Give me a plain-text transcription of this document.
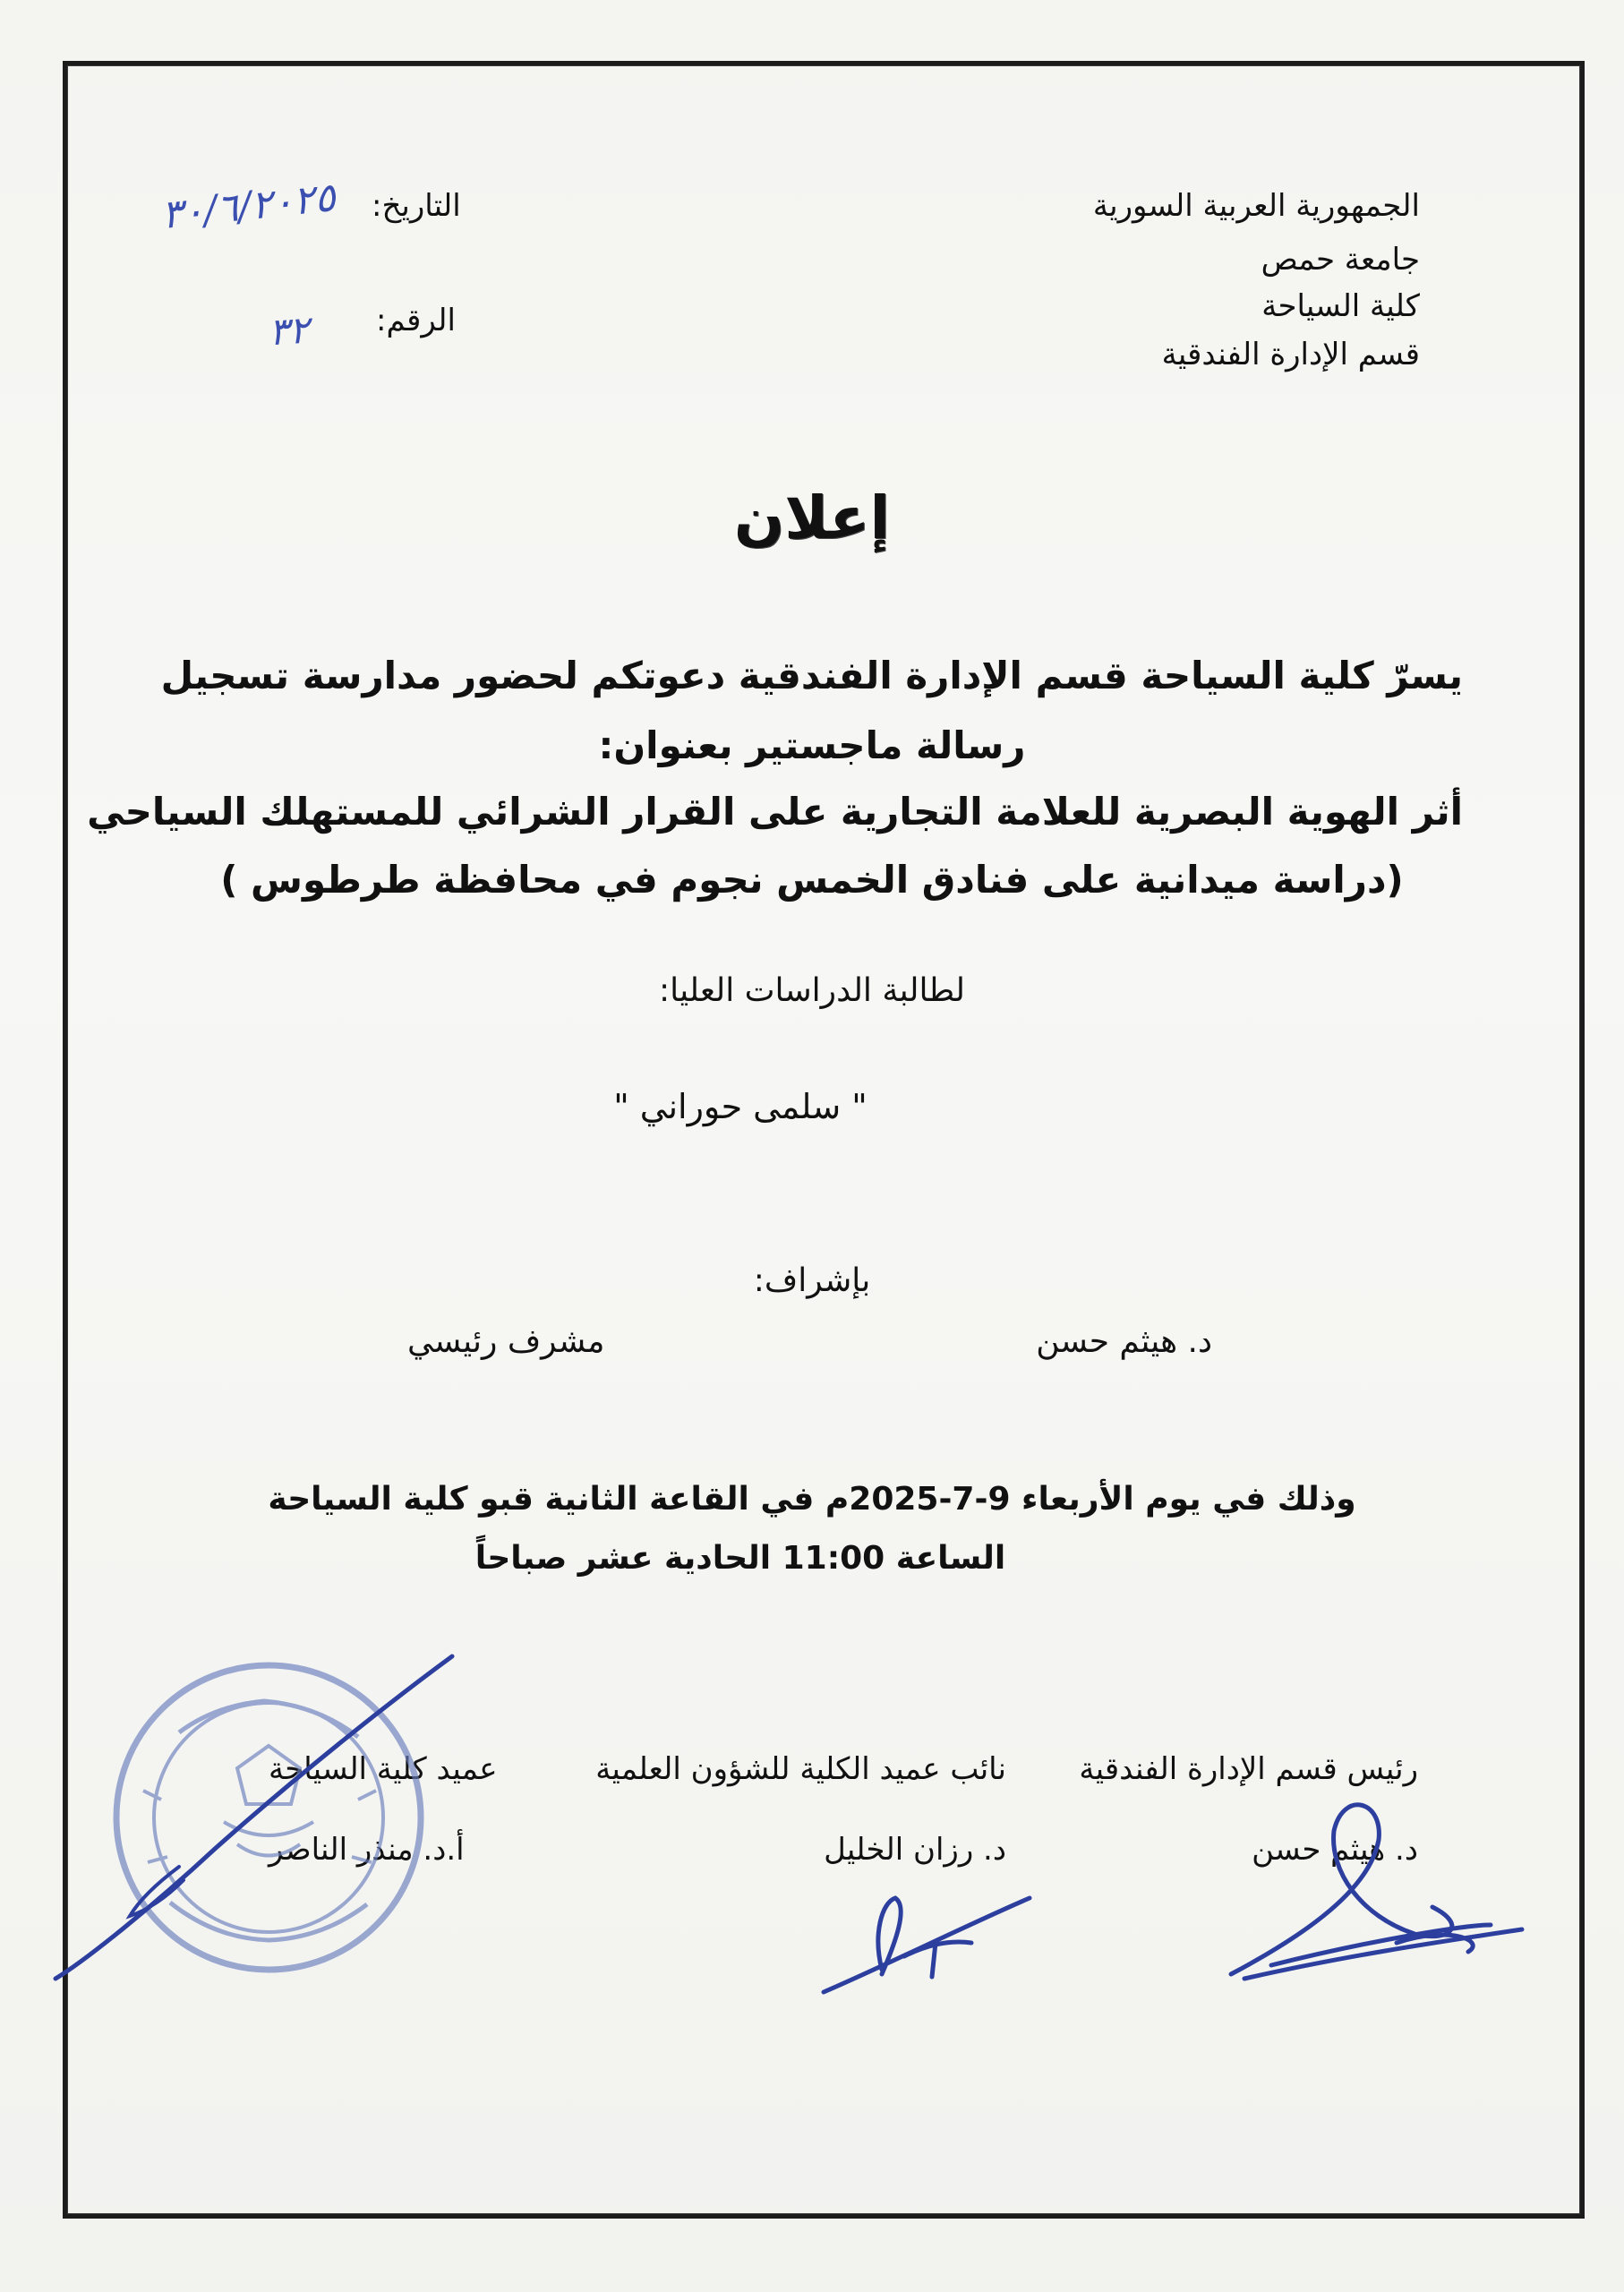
الجمهورية العربية السورية
جامعة حمص
كلية السياحة
قسم الإدارة الفندقية
التاريخ:
٣٠/٦/٢٠٢٥
الرقم:
٣٢
إعلان
يسرّ كلية السياحة قسم الإدارة الفندقية دعوتكم لحضور مدارسة تسجيل
رسالة ماجستير بعنوان:
أثر الهوية البصرية للعلامة التجارية على القرار الشرائي للمستهلك السياحي
(دراسة ميدانية على فنادق الخمس نجوم في محافظة طرطوس )
لطالبة الدراسات العليا:
" سلمى حوراني "
بإشراف:
د. هيثم حسن
مشرف رئيسي
وذلك في يوم الأربعاء 9-7-2025م في القاعة الثانية قبو كلية السياحة
الساعة 11:00 الحادية عشر صباحاً
رئيس قسم الإدارة الفندقية
د. هيثم حسن
نائب عميد الكلية للشؤون العلمية
د. رزان الخليل
عميد كلية السياحة
أ.د. منذر الناصر
